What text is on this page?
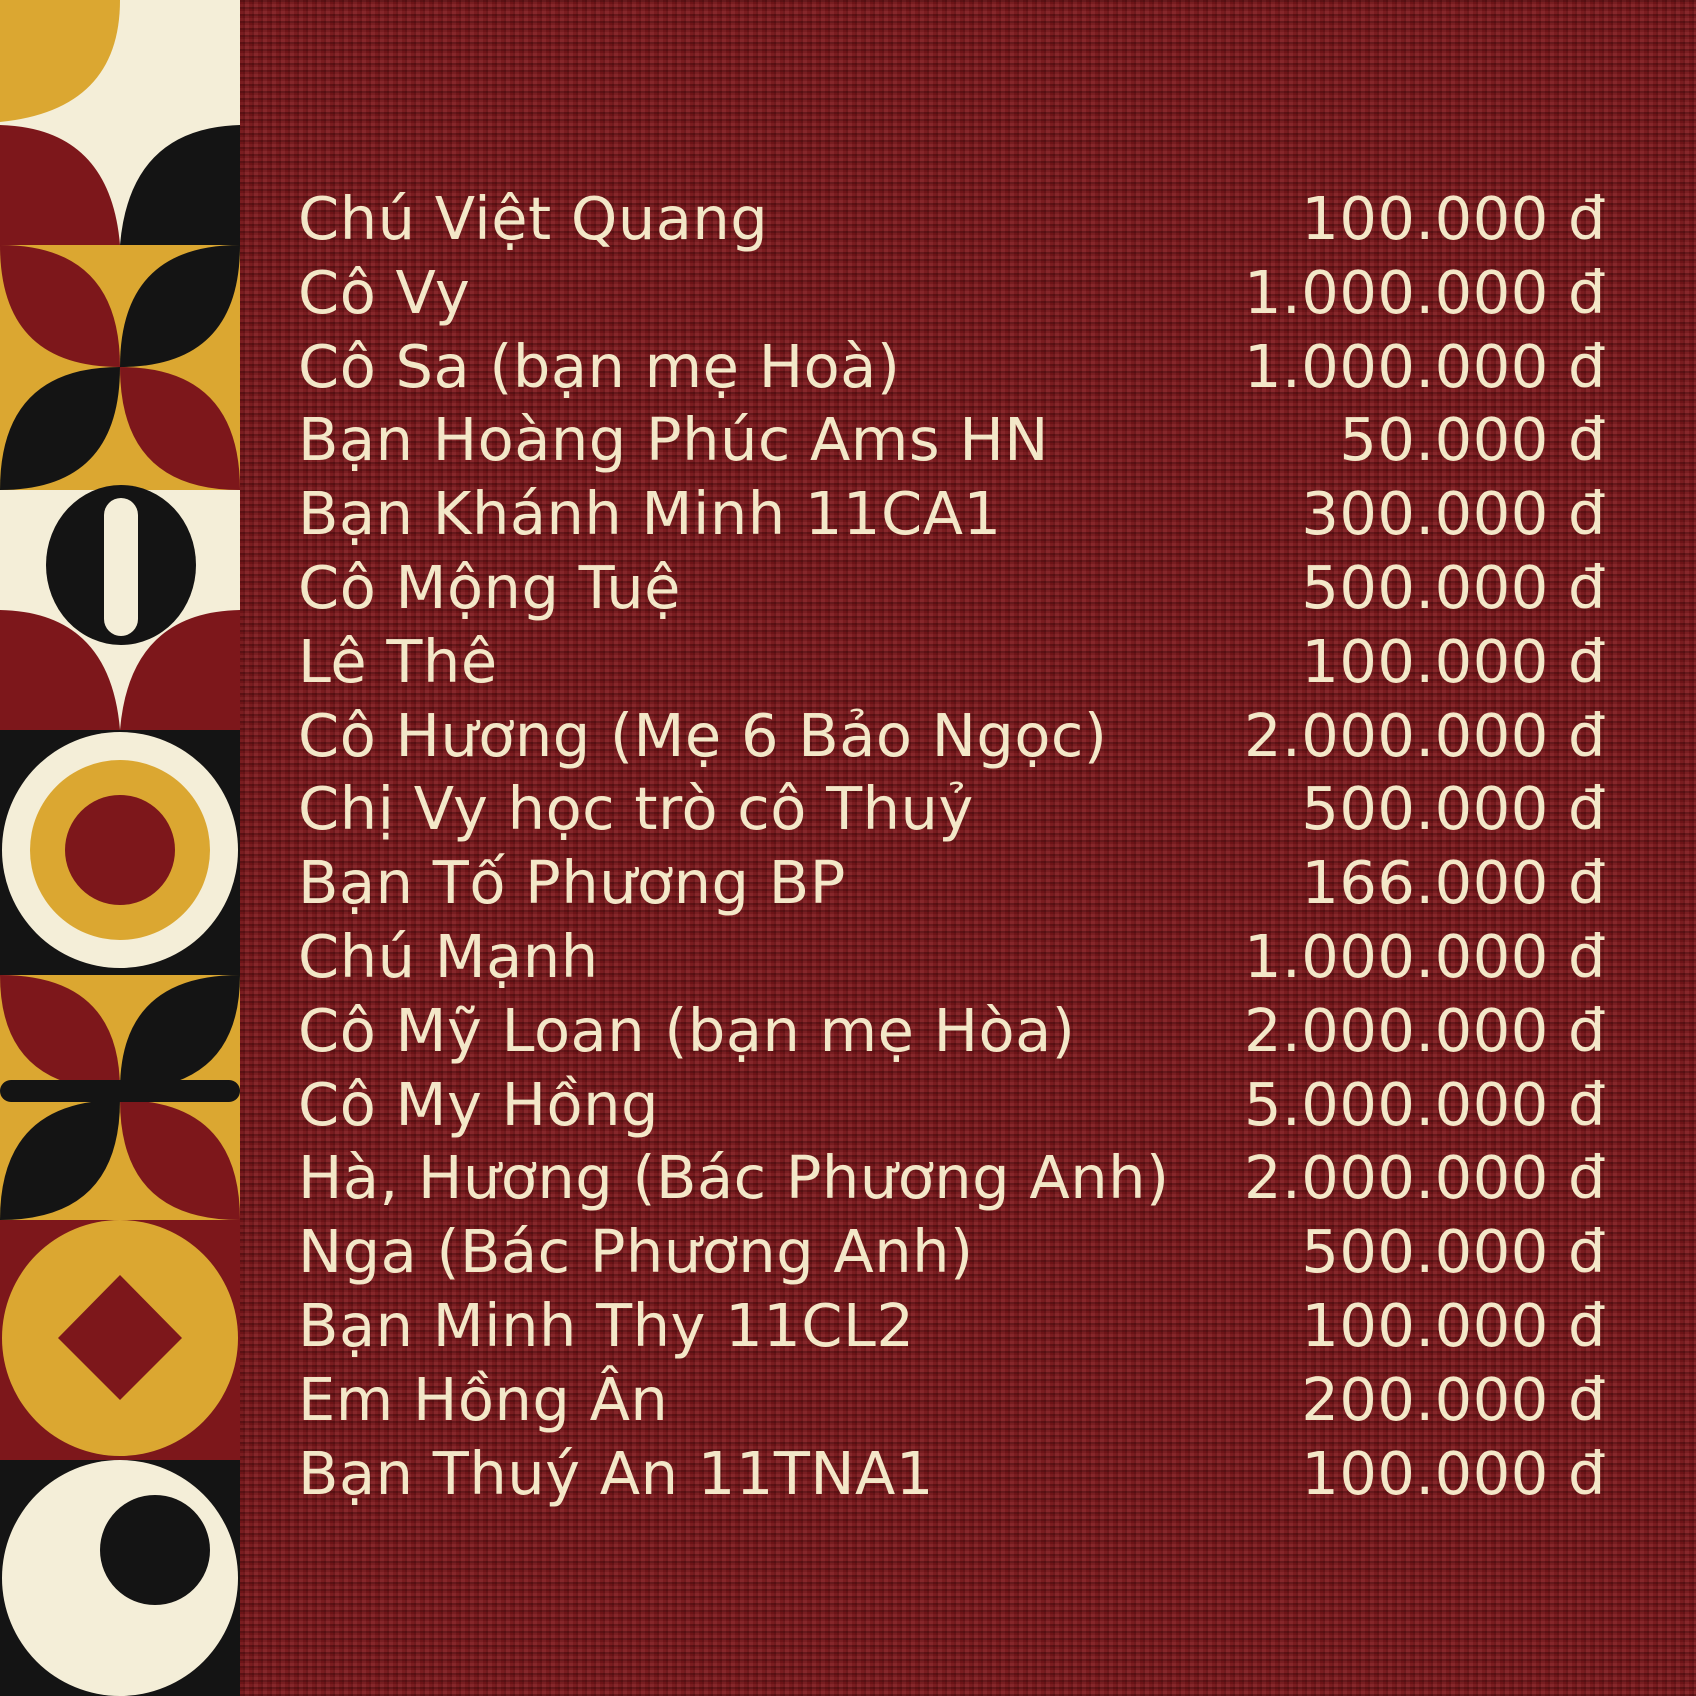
Chú Việt Quang	100.000 đ
Cô Vy	1.000.000 đ
Cô Sa (bạn mẹ Hoà)	1.000.000 đ
Bạn Hoàng Phúc Ams HN	50.000 đ
Bạn Khánh Minh 11CA1	300.000 đ
Cô Mộng Tuệ	500.000 đ
Lê Thê	100.000 đ
Cô Hương (Mẹ 6 Bảo Ngọc) 2.000.000 đ
Chị Vy học trò cô Thuỷ	500.000 đ
Bạn Tố Phương BP	166.000 đ
Chú Mạnh	1.000.000 đ
Cô Mỹ Loan (bạn mẹ Hòa)	2.000.000 đ
Cô My Hồng	5.000.000 đ
Hà, Hương (Bác Phương Anh) 2.000.000 đ
Nga (Bác Phương Anh)	500.000 đ
Bạn Minh Thy 11CL2	100.000 đ
Em Hồng Ân	200.000 đ
Bạn Thuý An 11TNA1	100.000 đ
